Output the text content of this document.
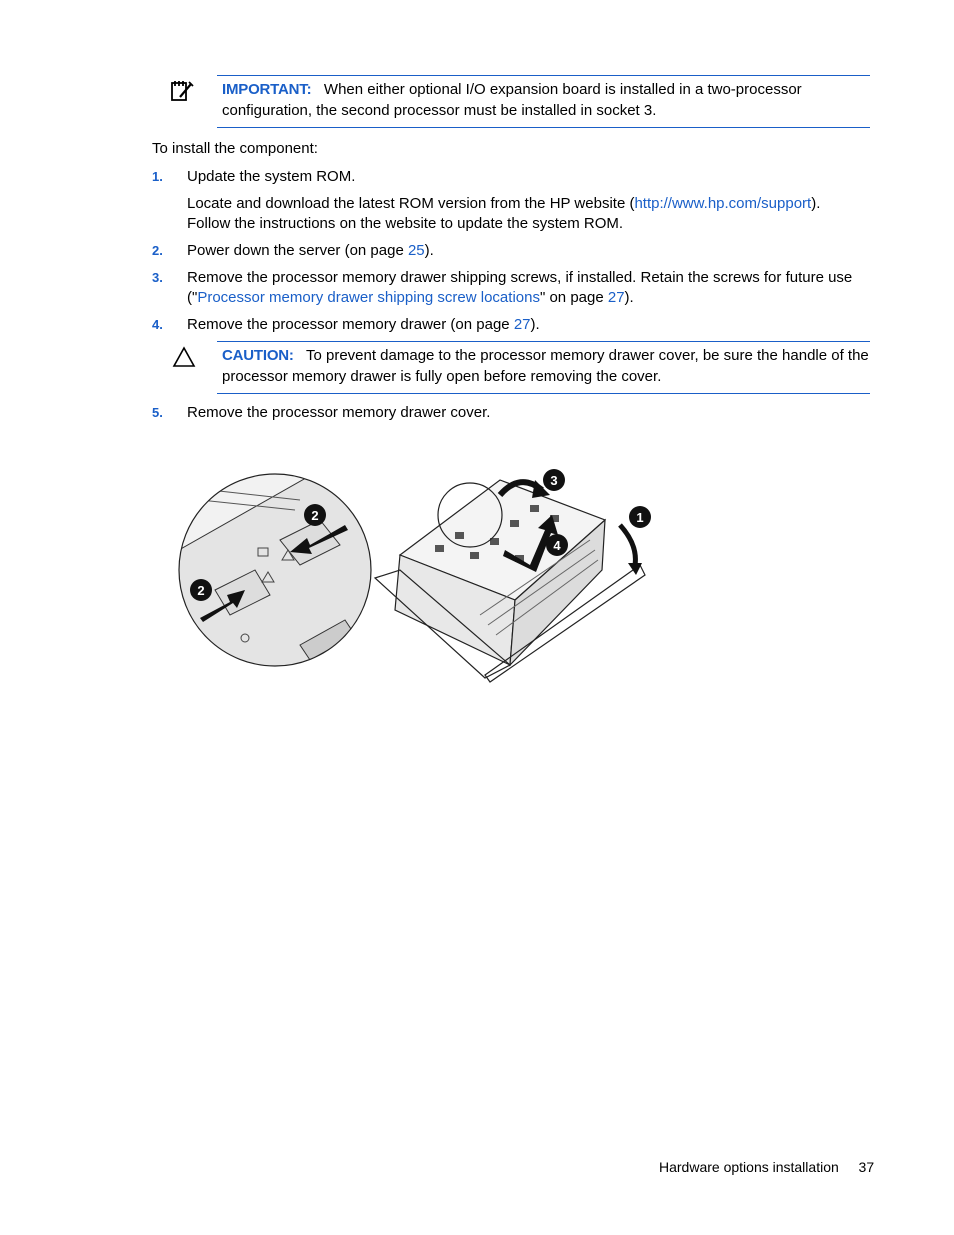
IMPORTANT: When either optional I/O expansion board is installed in a two-processor
configuration, the second processor must be installed in socket 3.
To install the component:
1. Update the system ROM.
Locate and download the latest ROM version from the HP website (http://www.hp.com/support).
Follow the instructions on the website to update the system ROM.
2. Power down the server (on page 25).
3. Remove the processor memory drawer shipping screws, if installed. Retain the screws for future use
("Processor memory drawer shipping screw locations" on page 27).
4. Remove the processor memory drawer (on page 27).
CAUTION: To prevent damage to the processor memory drawer cover, be sure the handle of the
processor memory drawer is fully open before removing the cover.
5. Remove the processor memory drawer cover.
1
2
2
3
4
Hardware options installation 37
